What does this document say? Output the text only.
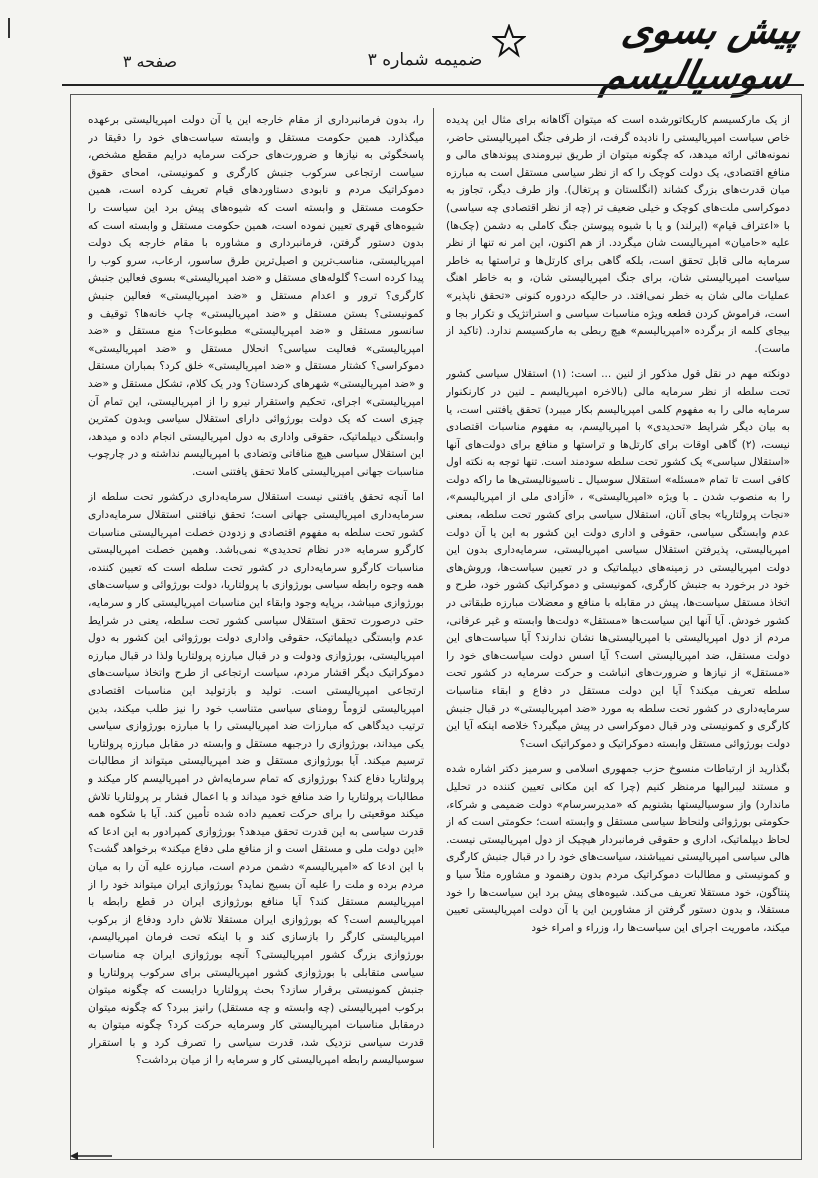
پیش بسوی سوسیالیسم
ضمیمه شماره ۳
صفحه ۳

از یک مارکسیسم کاریکاتورشده است که میتوان آگاهانه برای مثال این پدیده خاص سیاست امپریالیستی را نادیده گرفت، از طرفی جنگ امپریالیستی حاضر، نمونه‌هائی ارائه میدهد، که چگونه میتوان از طریق نیرومندی پیوندهای مالی و منافع اقتصادی، یک دولت کوچک را که از نظر سیاسی مستقل است به مبارزه میان قدرت‌های بزرگ کشاند (انگلستان و پرتغال). واز طرف دیگر، تجاوز به دموکراسی ملت‌های کوچک و خیلی ضعیف تر (چه از نظر اقتصادی چه سیاسی) با «اعتراف قیام» (ایرلند) و یا با شیوه پیوستن جنگ کاملی به دشمن (چک‌ها) علیه «حامیان» امپریالیست شان میگردد. از هم اکنون، این امر نه تنها از نظر سرمایه مالی قابل تحقق است، بلکه گاهی برای کارتل‌ها و تراستها به خاطر سیاست امپریالیستی شان، برای جنگ امپریالیستی شان، و به خاطر اهنگ عملیات مالی شان به خطر نمی‌افتد. در حالیکه دردوره کنونی «تحقق ناپذیر» است، فراموش کردن قطعه ویژه مناسبات سیاسی و استراتژیک و تکرار بجا و بیجای کلمه از برگرده «امپریالیسم» هیچ ربطی به مارکسیسم ندارد. (تاکید از ماست).

دونکته مهم در نقل قول مذکور از لنین ... است: (۱) استقلال سیاسی کشور تحت سلطه از نظر سرمایه مالی (بالاخره امپریالیسم ـ لنین در کارنکنوار سرمایه مالی را به مفهوم کلمی امپریالیسم بکار میبرد) تحقق یافتنی است، یا به بیان دیگر شرایط «تحدیدی» با امپریالیسم، به مفهوم مناسبات اقتصادی نیست، (۲) گاهی اوقات برای کارتل‌ها و تراستها و منافع برای دولت‌های آنها «استقلال سیاسی» یک کشور تحت سلطه سودمند است. تنها توجه به نکته اول کافی است تا تمام «مسئله» استقلال سوسیال ـ ناسیونالیستی‌ها ما راکه دولت را به منصوب شدن ـ با ویژه «امپریالیستی» ، «آزادی ملی از امپریالیسم»، «نجات پرولتاریا» بجای آنان، استقلال سیاسی برای کشور تحت سلطه، بمعنی عدم وابستگی سیاسی، حقوقی و اداری دولت این کشور به این یا آن دولت امپریالیستی، پذیرفتن استقلال سیاسی امپریالیستی، سرمایه‌داری بدون این دولت امپریالیستی در زمینه‌های دیپلماتیک و در تعیین سیاست‌ها، وروش‌های خود در برخورد به جنبش کارگری، کمونیستی و دموکراتیک کشور خود، طرح و اتخاذ مستقل سیاست‌ها، پیش در مقابله با منافع و معضلات مبارزه طبقاتی در کشور خودش. آیا آنها این سیاست‌ها «مستقل» دولت‌ها وابسته و غیر عرفانی، مردم از دول امپریالیستی با امپریالیستی‌ها نشان ندارند؟ آیا سیاست‌های این دولت مستقل، ضد امپریالیستی است؟ آیا اسس دولت سیاست‌های خود را «مستقل» از نیازها و ضرورت‌های انباشت و حرکت سرمایه در کشور تحت سلطه تعریف میکند؟ آیا این دولت مستقل در دفاع و ابقاء مناسبات سرمایه‌داری در کشور تحت سلطه به مورد «ضد امپریالیستی» در قبال جنبش کارگری و کمونیستی ودر قبال دموکراسی در پیش میگیرد؟ خلاصه اینکه آیا این دولت بورژوائی مستقل وابسته دموکراتیک و دموکراتیک است؟

بگذارید از ارتباطات منسوخ حزب جمهوری اسلامی و سرمیز دکتر اشاره شده و مستند لیبرالیها مرمنظر کنیم (چرا که این مکانی تعیین کننده در تحلیل ماندارد) واز سوسیالیستها بشنویم که «مدیرسرسام» دولت ضمیمی و شرکاء، حکومتی بورژوائی ولنحاظ سیاسی مستقل و وابسته است؛ حکومتی است که از لحاظ دیپلماتیک، اداری و حقوقی فرمانبردار هیچیک از دول امپریالیستی نیست. هالی سیاسی امپریالیستی نمیباشند، سیاست‌های خود را در قبال جنبش کارگری و کمونیستی و مطالبات دموکراتیک مردم بدون رهنمود و مشاوره مثلاً سیا و پنتاگون، خود مستقلا تعریف می‌کند. شیوه‌های پیش برد این سیاست‌ها را خود مستقلا، و بدون دستور گرفتن از مشاورین این یا آن دولت امپریالیستی تعیین میکند، ماموریت اجرای این سیاست‌ها را، وزراء و امراء خود

را، بدون فرمانبرداری از مقام خارجه این یا آن دولت امپریالیستی برعهده میگذارد. همین حکومت مستقل و وابسته سیاست‌های خود را دقیقا در پاسخگوئی به نیازها و ضرورت‌های حرکت سرمایه درایم مقطع مشخص، سیاست ارتجاعی سرکوب جنبش کارگری و کمونیستی، امحای حقوق دموکراتیک مردم و نابودی دستاوردهای قیام تعریف کرده است، همین حکومت مستقل و وابسته است که شیوه‌های پیش برد این سیاست را شیوه‌های قهری تعیین نموده است، همین حکومت مستقل و وابسته است که بدون دستور گرفتن، فرمانبرداری و مشاوره با مقام خارجه یک دولت امپریالیستی، مناسب‌ترین و اصیل‌ترین طرق ساسور، ارعاب، سرو کوب را پیدا کرده است؟ گلوله‌های مستقل و «ضد امپریالیستی» بسوی فعالین جنبش کارگری؟ ترور و اعدام مستقل و «ضد امپریالیستی» فعالین جنبش کمونیستی؟ بستن مستقل و «ضد امپریالیستی» چاپ خانه‌ها؟ توقیف و سانسور مستقل و «ضد امپریالیستی» مطبوعات؟ منع مستقل و «ضد امپریالیستی» فعالیت سیاسی؟ انحلال مستقل و «ضد امپریالیستی» دموکراسی؟ کشتار مستقل و «ضد امپریالیستی» خلق کرد؟ بمباران مستقل و «ضد امپریالیستی» شهرهای کردستان؟ ودر یک کلام، تشکل مستقل و «ضد امپریالیستی» اجرای، تحکیم واستقرار نیرو را از امپریالیستی، این تمام آن چیزی است که یک دولت بورژوائی دارای استقلال سیاسی وبدون کمترین وابستگی دیپلماتیک، حقوقی واداری به دول امپریالیستی انجام داده و میدهد، این استقلال سیاسی هیچ منافاتی وتضادی با امپریالیسم نداشته و در چارچوب مناسبات جهانی امپریالیستی کاملا تحقق یافتنی است.

اما آنچه تحقق یافتنی نیست استقلال سرمایه‌داری درکشور تحت سلطه از سرمایه‌داری امپریالیستی جهانی است؛ تحقق نیافتنی استقلال سرمایه‌داری کشور تحت سلطه به مفهوم اقتصادی و زدودن خصلت امپریالیستی مناسبات کارگرو سرمایه «در نظام تحدیدی» نمی‌باشد. وهمین خصلت امپریالیستی مناسبات کارگرو سرمایه‌داری در کشور تحت سلطه است که تعیین کننده، همه وجوه رابطه سیاسی بورژوازی با پرولتاریا، دولت بورژوائی و سیاست‌های بورژوازی میباشد، برپایه وجود وابقاء این مناسبات امپریالیستی کار و سرمایه، حتی درصورت تحقق استقلال سیاسی کشور تحت سلطه، یعنی در شرایط عدم وابستگی دیپلماتیک، حقوقی واداری دولت بورژوائی این کشور به دول امپریالیستی، بورژوازی ودولت و در قبال مبارزه پرولتاریا ولذا در قبال مبارزه دموکراتیک دیگر اقشار مردم، سیاست ارتجاعی از طرح واتخاذ سیاست‌های ارتجاعی امپریالیستی است. تولید و بازتولید این مناسبات اقتصادی امپریالیستی لزوماً رومنای سیاسی متناسب خود را نیز طلب میکند، بدین ترتیب دیدگاهی که مبارزات ضد امپریالیستی را با مبارزه بورژوازی سیاسی یکی میداند، بورژوازی را درجبهه مستقل و وابسته در مقابل مبارزه پرولتاریا ترسیم میکند. آیا بورژوازی مستقل و ضد امپریالیستی میتواند از مطالبات پرولتاریا دفاع کند؟ بورژوازی که تمام سرمایه‌اش در امپریالیسم کار میکند و مطالبات پرولتاریا را ضد منافع خود میداند و با اعمال فشار بر پرولتاریا تلاش میکند موقعیتی را برای حرکت تعمیم داده شده تأمین کند. آیا با شکوه همه قدرت سیاسی به این قدرت تحقق میدهد؟ بورژوازی کمپرادور به این ادعا که «این دولت ملی و مستقل است و از منافع ملی دفاع میکند» برخواهد گشت؟ با این ادعا که «امپریالیسم» دشمن مردم است، مبارزه علیه آن را به میان مردم برده و ملت را علیه آن بسیج نماید؟ بورژوازی ایران میتواند خود را از امپریالیسم مستقل کند؟ آیا منافع بورژوازی ایران در قطع رابطه با امپریالیسم است؟ که بورژوازی ایران مستقلا تلاش دارد ودفاع از برکوب امپریالیستی کارگر را بازسازی کند و با اینکه تحت فرمان امپریالیسم، بورژوازی بزرگ کشور امپریالیستی؟ آنچه بورژوازی ایران چه مناسبات سیاسی متقابلی با بورژوازی کشور امپریالیستی برای سرکوب پرولتاریا و جنبش کمونیستی برقرار سازد؟ بحث پرولتاریا درایست که چگونه میتوان برکوب امپریالیستی (چه وابسته و چه مستقل) رانیز ببرد؟ که چگونه میتوان درمقابل مناسبات امپریالیستی کار وسرمایه حرکت کرد؟ چگونه میتوان به قدرت سیاسی نزدیک شد، قدرت سیاسی را تصرف کرد و با استقرار سوسیالیسم رابطه امپریالیستی کار و سرمایه را از میان برداشت؟
